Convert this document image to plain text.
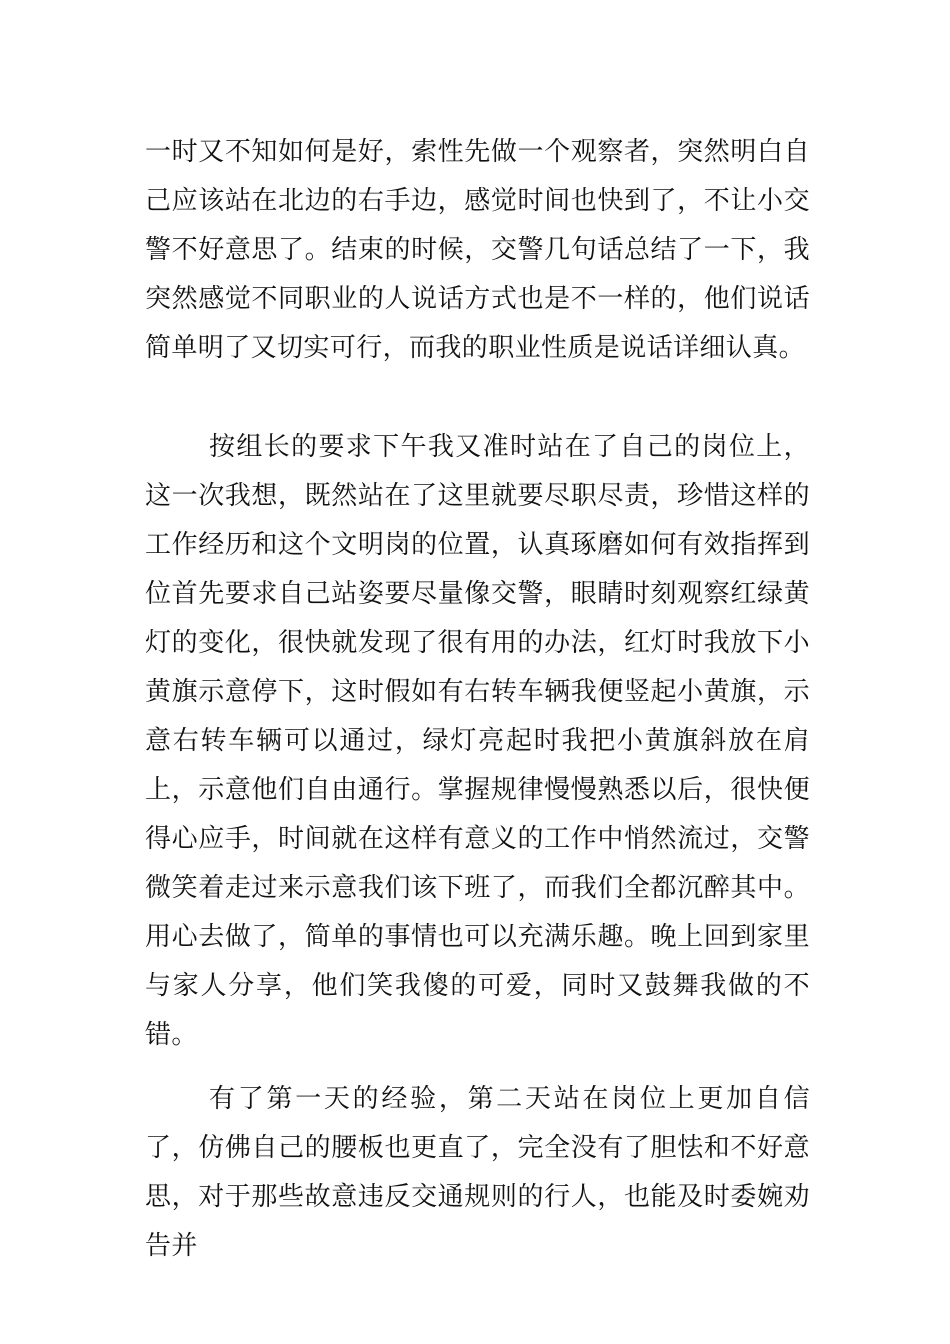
一时又不知如何是好，索性先做一个观察者，突然明白自己应该站在北边的右手边，感觉时间也快到了，不让小交警不好意思了。结束的时候，交警几句话总结了一下，我突然感觉不同职业的人说话方式也是不一样的，他们说话简单明了又切实可行，而我的职业性质是说话详细认真。

按组长的要求下午我又准时站在了自己的岗位上，这一次我想，既然站在了这里就要尽职尽责，珍惜这样的工作经历和这个文明岗的位置，认真琢磨如何有效指挥到位首先要求自己站姿要尽量像交警，眼睛时刻观察红绿黄灯的变化，很快就发现了很有用的办法，红灯时我放下小黄旗示意停下，这时假如有右转车辆我便竖起小黄旗，示意右转车辆可以通过，绿灯亮起时我把小黄旗斜放在肩上，示意他们自由通行。掌握规律慢慢熟悉以后，很快便得心应手，时间就在这样有意义的工作中悄然流过，交警微笑着走过来示意我们该下班了，而我们全都沉醉其中。用心去做了，简单的事情也可以充满乐趣。晚上回到家里与家人分享，他们笑我傻的可爱，同时又鼓舞我做的不错。

有了第一天的经验，第二天站在岗位上更加自信了，仿佛自己的腰板也更直了，完全没有了胆怯和不好意思，对于那些故意违反交通规则的行人，也能及时委婉劝告并
